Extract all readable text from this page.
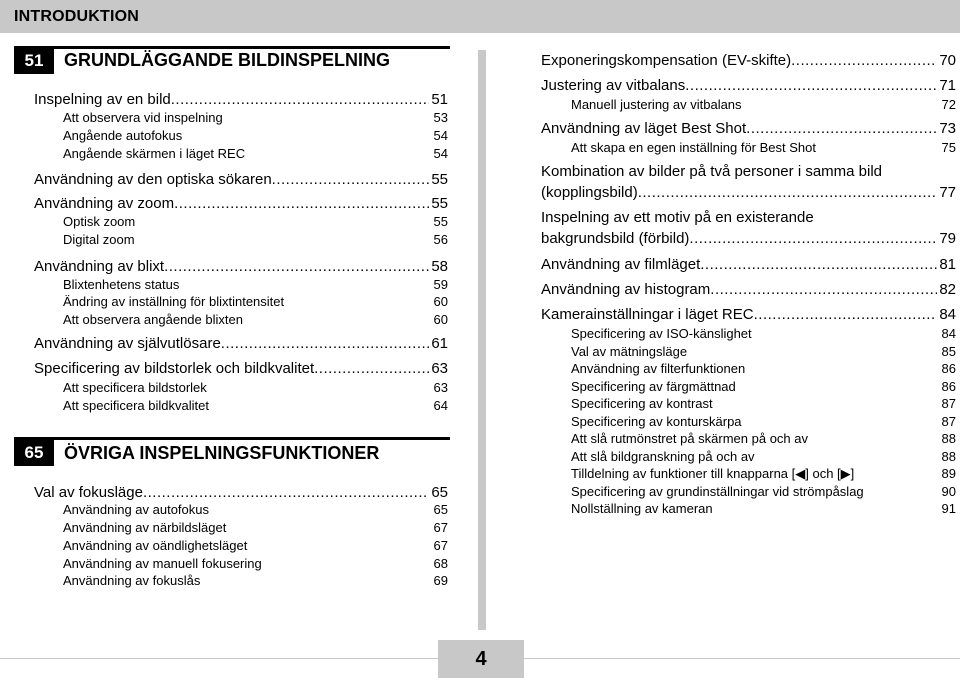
INTRODUKTION
51	GRUNDLÄGGANDE BILDINSPELNING
Inspelning av en bild .....	51
Att observera vid inspelning	53
Angående autofokus	54
Angående skärmen i läget REC	54
Användning av den optiska sökaren .....	55
Användning av zoom .....	55
Optisk zoom	55
Digital zoom	56
Användning av blixt .....	58
Blixtenhetens status	59
Ändring av inställning för blixtintensitet	60
Att observera angående blixten	60
Användning av självutlösare .....	61
Specificering av bildstorlek och bildkvalitet .....	63
Att specificera bildstorlek	63
Att specificera bildkvalitet	64
65	ÖVRIGA INSPELNINGSFUNKTIONER
Val av fokusläge .....	65
Användning av autofokus	65
Användning av närbildsläget	67
Användning av oändlighetsläget	67
Användning av manuell fokusering	68
Användning av fokuslås	69
Exponeringskompensation (EV-skifte) .....	70
Justering av vitbalans .....	71
Manuell justering av vitbalans	72
Användning av läget Best Shot .....	73
Att skapa en egen inställning för Best Shot	75
Kombination av bilder på två personer i samma bild
(kopplingsbild) .....	77
Inspelning av ett motiv på en existerande
bakgrundsbild (förbild) .....	79
Användning av filmläget .....	81
Användning av histogram .....	82
Kamerainställningar i läget REC .....	84
Specificering av ISO-känslighet	84
Val av mätningsläge	85
Användning av filterfunktionen	86
Specificering av färgmättnad	86
Specificering av kontrast	87
Specificering av konturskärpa	87
Att slå rutmönstret på skärmen på och av	88
Att slå bildgranskning på och av	88
Tilldelning av funktioner till knapparna [◀] och [▶]	89
Specificering av grundinställningar vid strömpåslag	90
Nollställning av kameran	91
4
